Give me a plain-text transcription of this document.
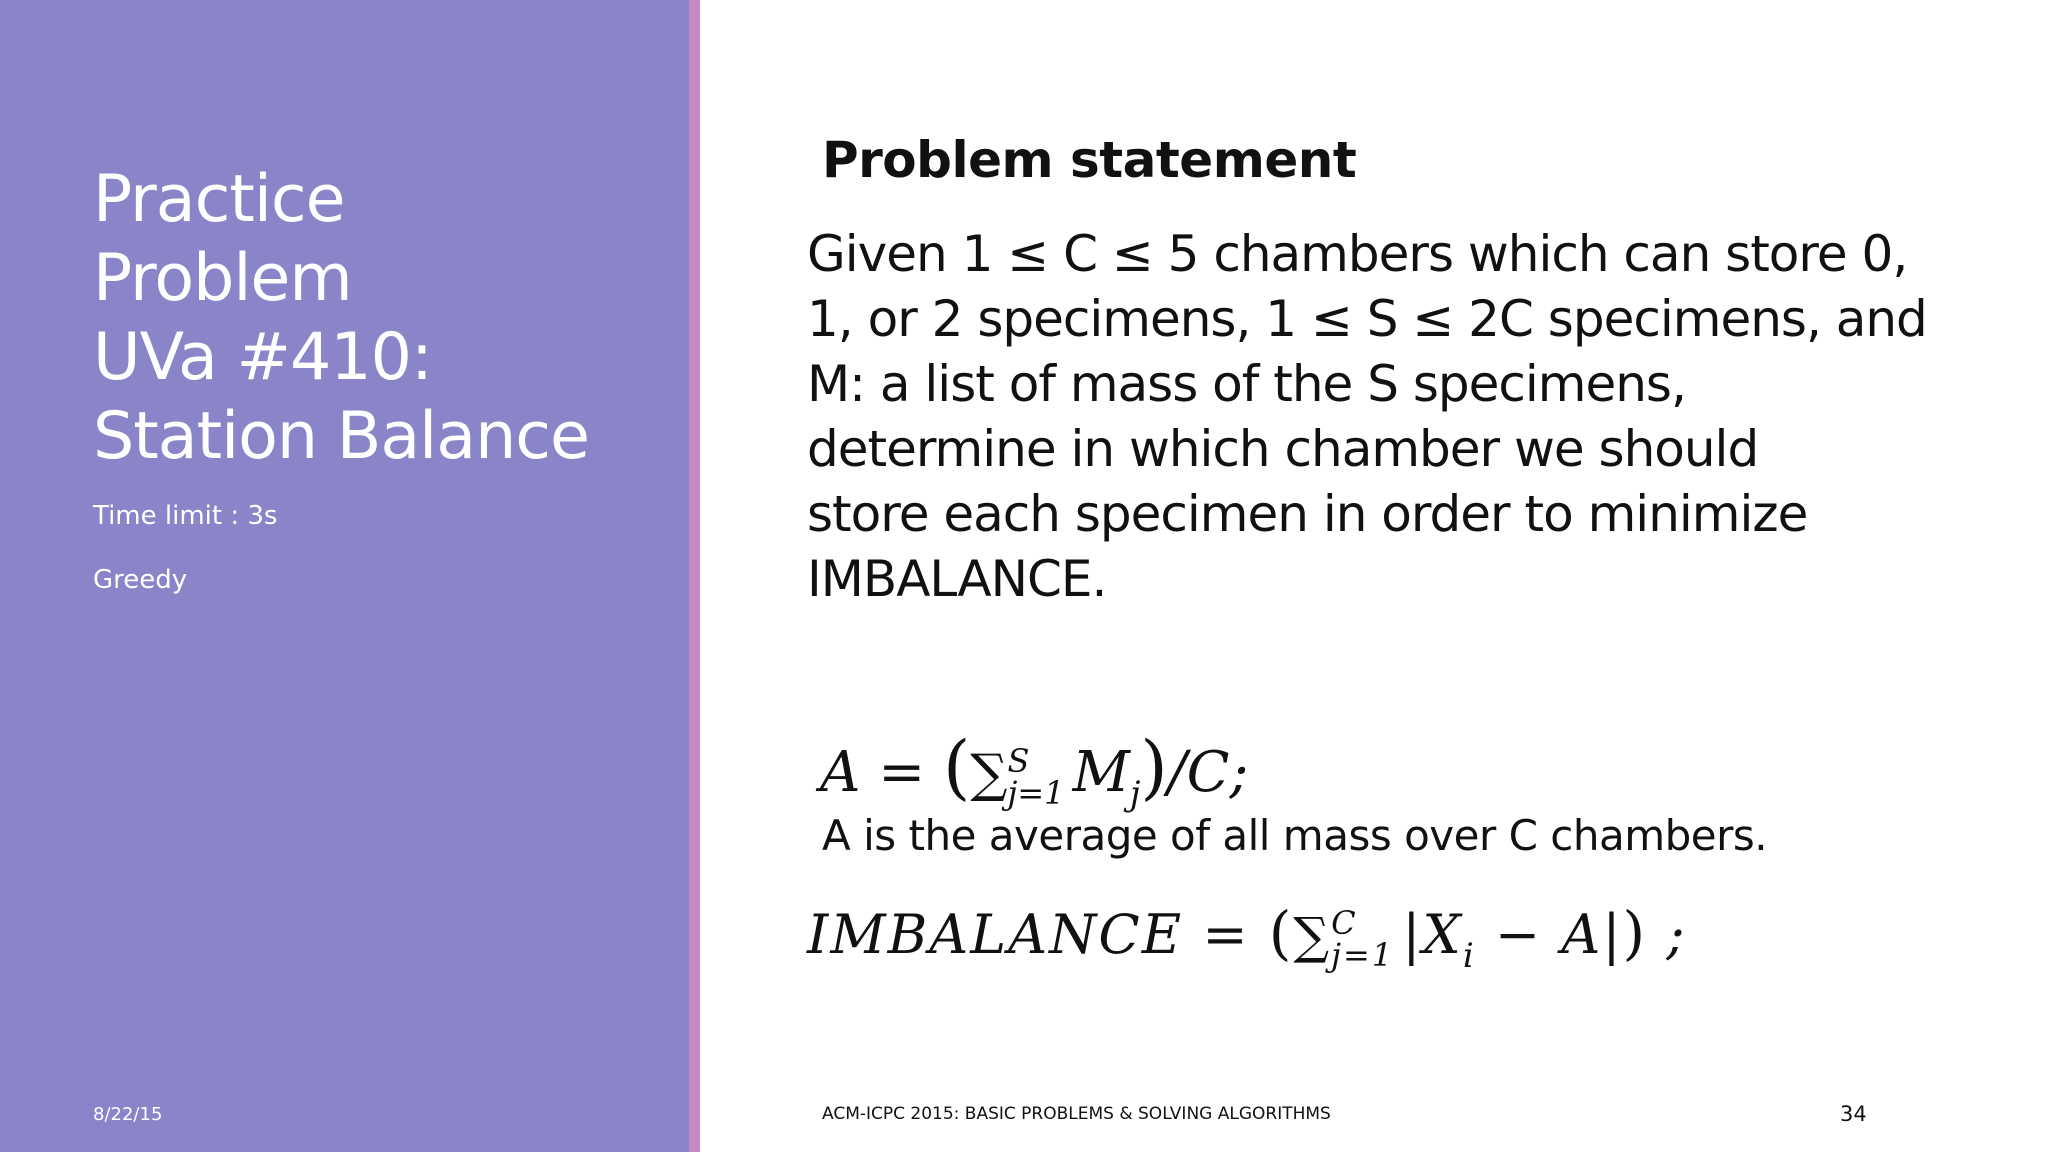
Practice
Problem
UVa #410:
Station Balance
Time limit : 3s
Greedy
8/22/15
Problem statement
Given 1 ≤ C ≤ 5 chambers which can store 0,
1, or 2 specimens, 1 ≤ S ≤ 2C specimens, and
M: a list of mass of the S specimens,
determine in which chamber we should
store each specimen in order to minimize
IMBALANCE.
A = (∑ S
j=1 $M_j)/C$;
A is the average of all mass over C chambers.
IMBALANCE = (∑ C
j=1 $|X_i - A|$) ;
ACM-ICPC 2015: BASIC PROBLEMS & SOLVING ALGORITHMS	34
